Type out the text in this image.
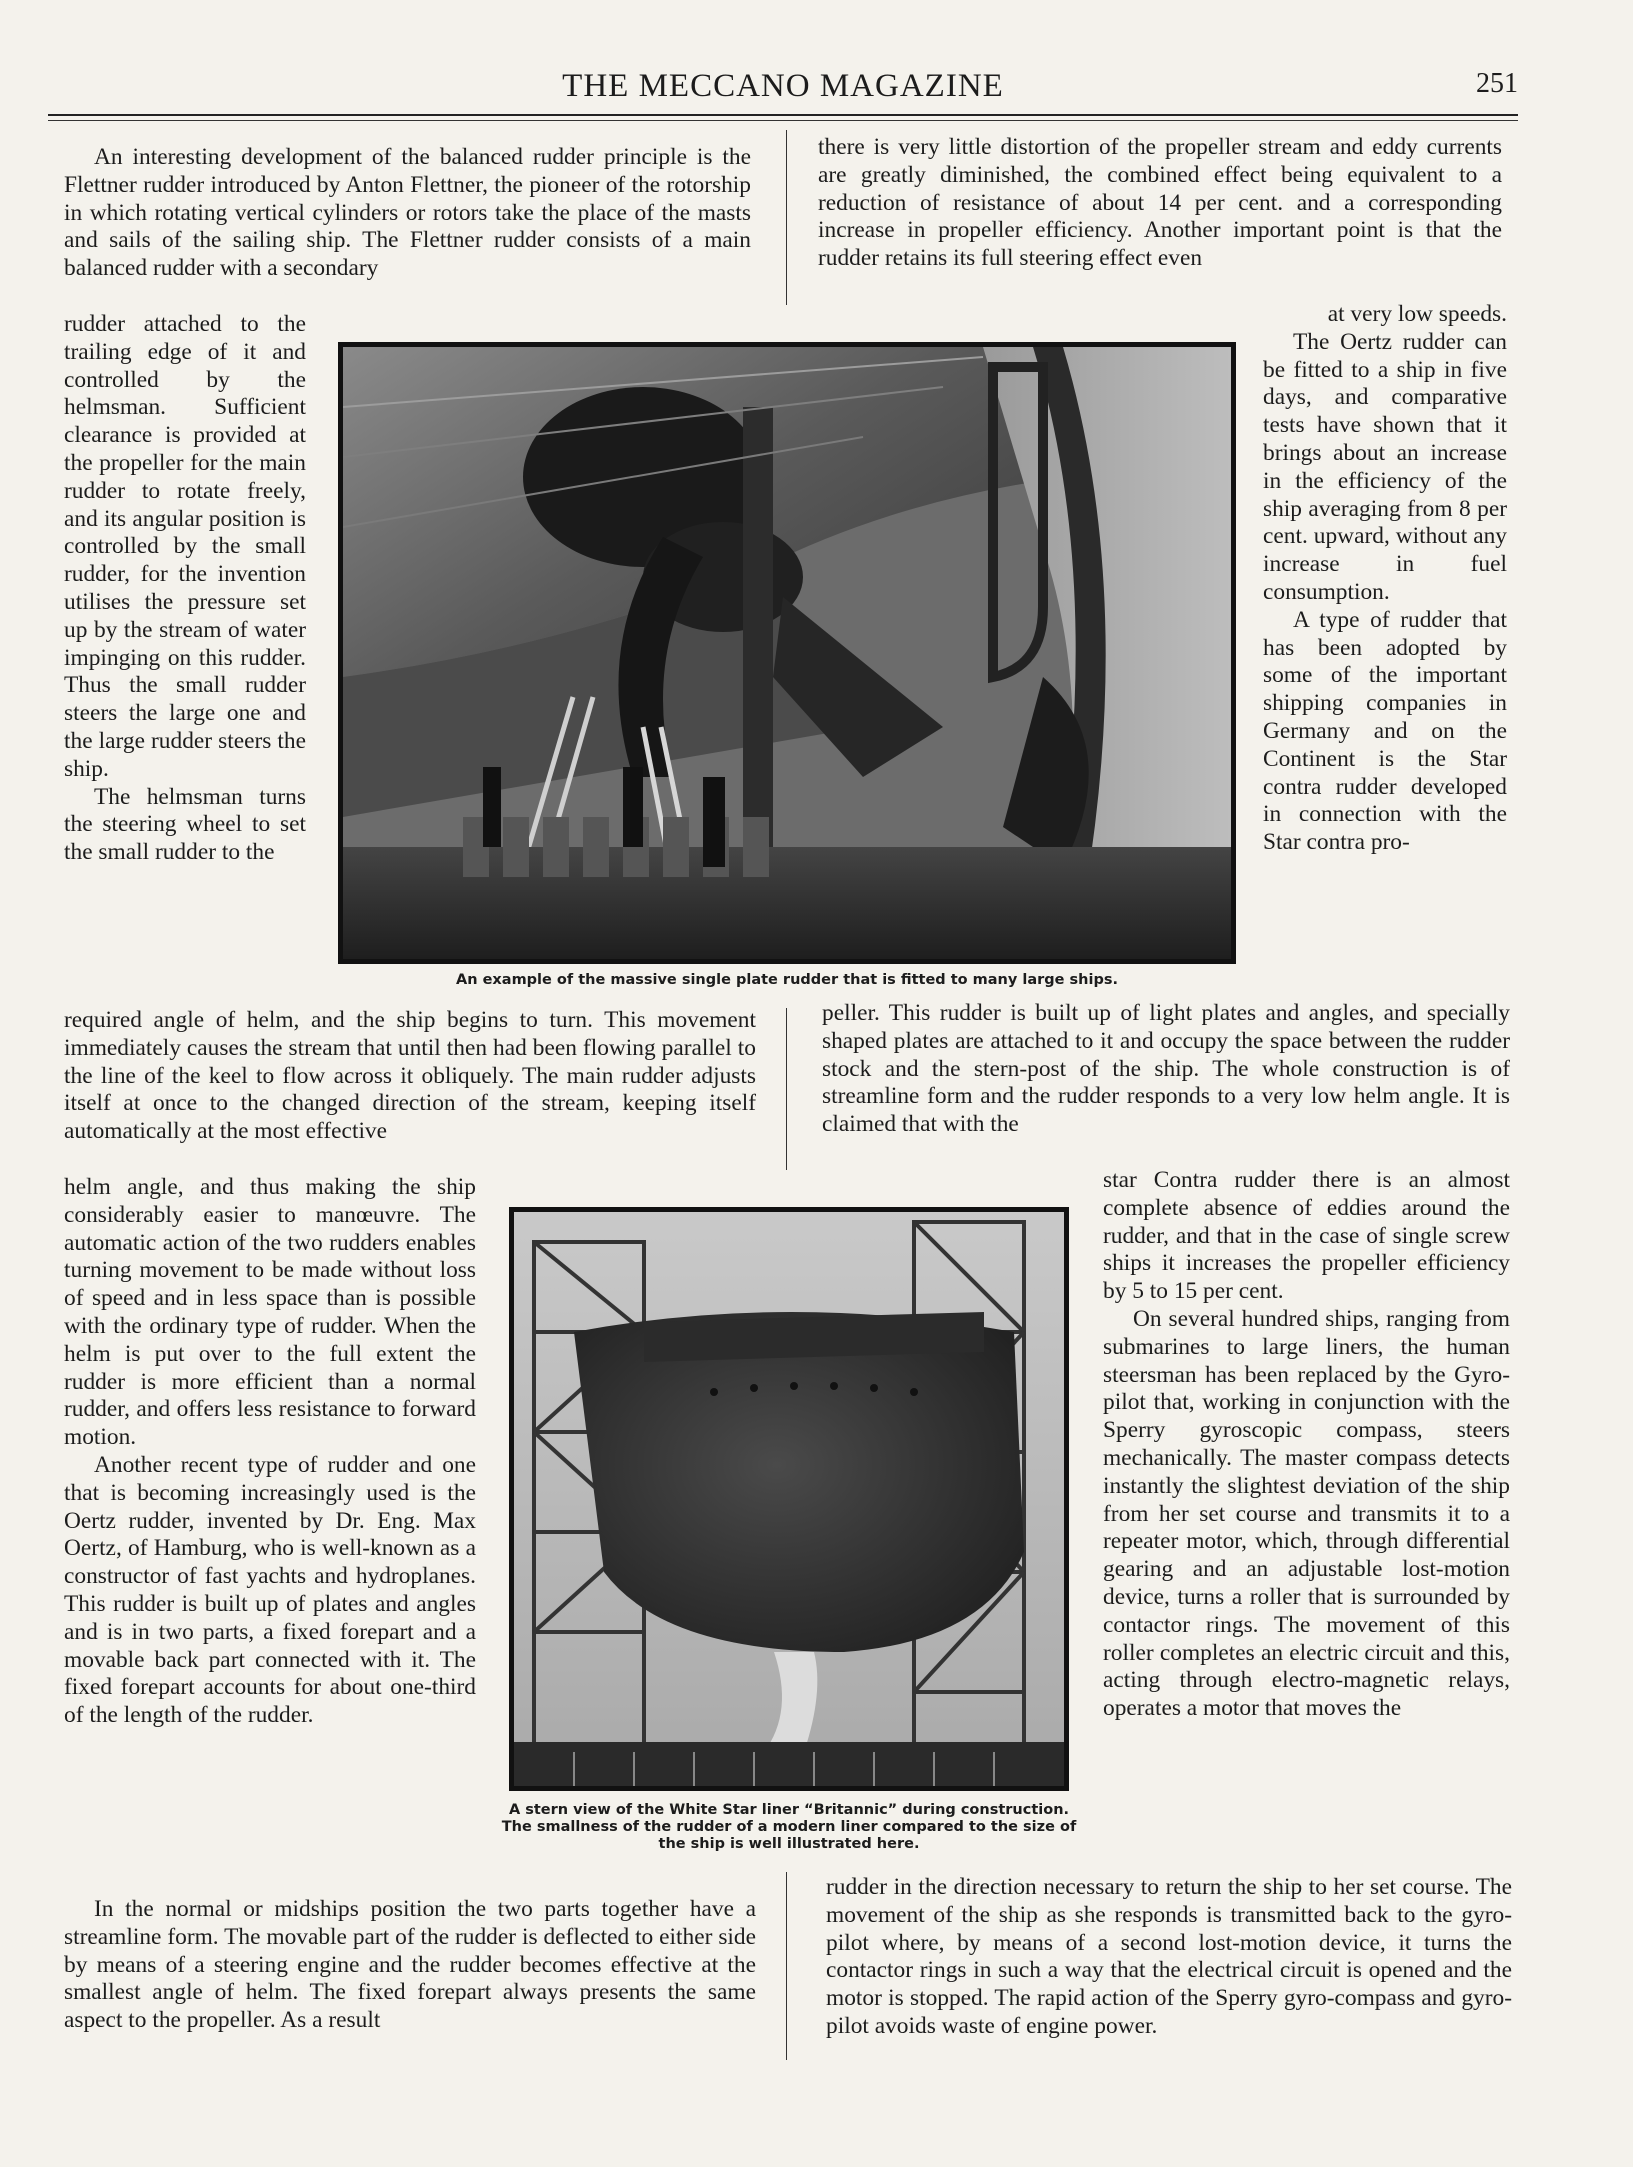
THE MECCANO MAGAZINE	251

An interesting development of the balanced rudder principle is the Flettner rudder introduced by Anton Flettner, the pioneer of the rotorship in which rotating vertical cylinders or rotors take the place of the masts and sails of the sailing ship. The Flettner rudder consists of a main balanced rudder with a secondary

rudder attached to the trailing edge of it and controlled by the helmsman. Sufficient clearance is provided at the propeller for the main rudder to rotate freely, and its angular position is controlled by the small rudder, for the invention utilises the pressure set up by the stream of water impinging on this rudder. Thus the small rudder steers the large one and the large rudder steers the ship.

The helmsman turns the steering wheel to set the small rudder to the

required angle of helm, and the ship begins to turn. This movement immediately causes the stream that until then had been flowing parallel to the line of the keel to flow across it obliquely. The main rudder adjusts itself at once to the changed direction of the stream, keeping itself automatically at the most effective

helm angle, and thus making the ship considerably easier to manœuvre. The automatic action of the two rudders enables turning movement to be made without loss of speed and in less space than is possible with the ordinary type of rudder. When the helm is put over to the full extent the rudder is more efficient than a normal rudder, and offers less resistance to forward motion.

Another recent type of rudder and one that is becoming increasingly used is the Oertz rudder, invented by Dr. Eng. Max Oertz, of Hamburg, who is well-known as a constructor of fast yachts and hydroplanes. This rudder is built up of plates and angles and is in two parts, a fixed forepart and a movable back part connected with it. The fixed forepart accounts for about one-third of the length of the rudder.

In the normal or midships position the two parts together have a streamline form. The movable part of the rudder is deflected to either side by means of a steering engine and the rudder becomes effective at the smallest angle of helm. The fixed forepart always presents the same aspect to the propeller. As a result

there is very little distortion of the propeller stream and eddy currents are greatly diminished, the combined effect being equivalent to a reduction of resistance of about 14 per cent. and a corresponding increase in propeller efficiency. Another important point is that the rudder retains its full steering effect even

at very low speeds.

The Oertz rudder can be fitted to a ship in five days, and comparative tests have shown that it brings about an increase in the efficiency of the ship averaging from 8 per cent. upward, without any increase in fuel consumption.

A type of rudder that has been adopted by some of the important shipping companies in Germany and on the Continent is the Star contra rudder developed in connection with the Star contra pro-

peller. This rudder is built up of light plates and angles, and specially shaped plates are attached to it and occupy the space between the rudder stock and the stern-post of the ship. The whole construction is of streamline form and the rudder responds to a very low helm angle. It is claimed that with the

star Contra rudder there is an almost complete absence of eddies around the rudder, and that in the case of single screw ships it increases the propeller efficiency by 5 to 15 per cent.

On several hundred ships, ranging from submarines to large liners, the human steersman has been replaced by the Gyro-pilot that, working in conjunction with the Sperry gyroscopic compass, steers mechanically. The master compass detects instantly the slightest deviation of the ship from her set course and transmits it to a repeater motor, which, through differential gearing and an adjustable lost-motion device, turns a roller that is surrounded by contactor rings. The movement of this roller completes an electric circuit and this, acting through electro-magnetic relays, operates a motor that moves the

rudder in the direction necessary to return the ship to her set course. The movement of the ship as she responds is transmitted back to the gyro-pilot where, by means of a second lost-motion device, it turns the contactor rings in such a way that the electrical circuit is opened and the motor is stopped. The rapid action of the Sperry gyro-compass and gyro-pilot avoids waste of engine power.

An example of the massive single plate rudder that is fitted to many large ships.
A stern view of the White Star liner “Britannic” during construction. The smallness of the rudder of a modern liner compared to the size of the ship is well illustrated here.
